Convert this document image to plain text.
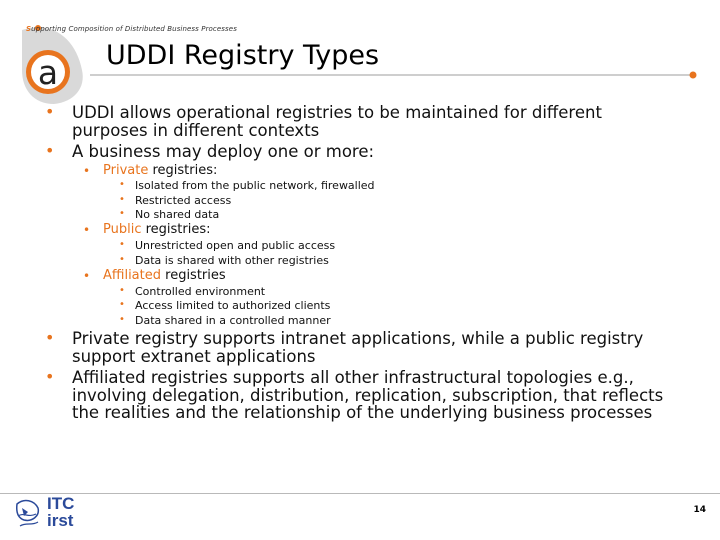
a
Supporting Composition of Distributed Business Processes
UDDI Registry Types
• UDDI allows operational registries to be maintained for different purposes in different contexts
• A business may deploy one or more:
• Private registries:
• Isolated from the public network, firewalled
• Restricted access
• No shared data
• Public registries:
• Unrestricted open and public access
• Data is shared with other registries
• Affiliated registries
• Controlled environment
• Access limited to authorized clients
• Data shared in a controlled manner
• Private registry supports intranet applications, while a public registry support extranet applications
• Affiliated registries supports all other infrastructural topologies e.g., involving delegation, distribution, replication, subscription, that reflects the realities and the relationship of the underlying business processes
ITC
irst
14
